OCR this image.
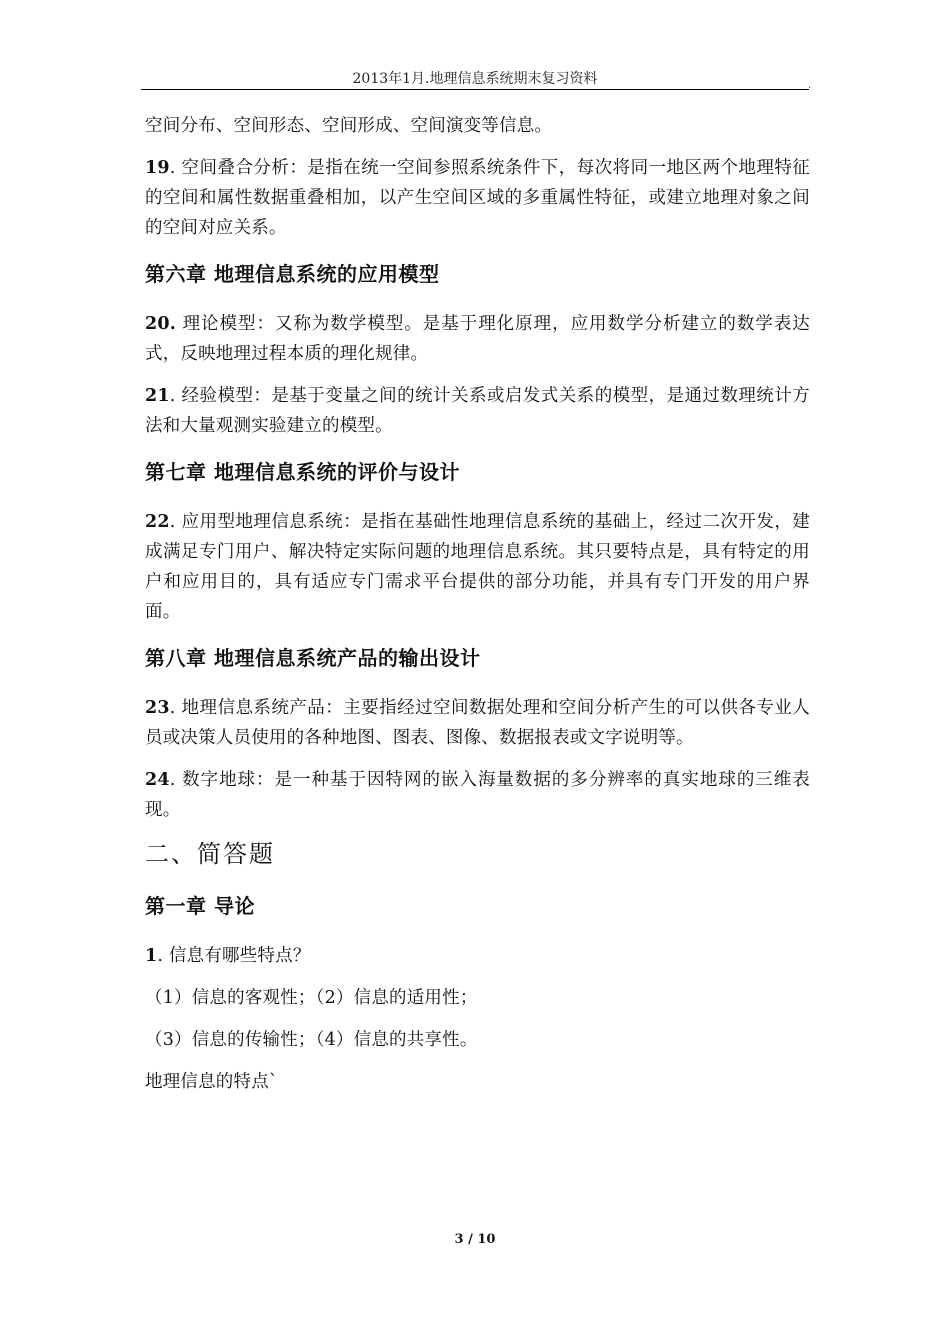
2013年1月.地理信息系统期末复习资料	.
空间分布、空间形态、空间形成、空间演变等信息。
19. 空间叠合分析：是指在统一空间参照系统条件下，每次将同一地区两个地理特征的空间和属性数据重叠相加，以产生空间区域的多重属性特征，或建立地理对象之间的空间对应关系。
第六章 地理信息系统的应用模型
20. 理论模型：又称为数学模型。是基于理化原理，应用数学分析建立的数学表达式，反映地理过程本质的理化规律。
21. 经验模型：是基于变量之间的统计关系或启发式关系的模型，是通过数理统计方法和大量观测实验建立的模型。
第七章 地理信息系统的评价与设计
22. 应用型地理信息系统：是指在基础性地理信息系统的基础上，经过二次开发，建成满足专门用户、解决特定实际问题的地理信息系统。其只要特点是，具有特定的用户和应用目的，具有适应专门需求平台提供的部分功能，并具有专门开发的用户界面。
第八章 地理信息系统产品的输出设计
23. 地理信息系统产品：主要指经过空间数据处理和空间分析产生的可以供各专业人员或决策人员使用的各种地图、图表、图像、数据报表或文字说明等。
24. 数字地球：是一种基于因特网的嵌入海量数据的多分辨率的真实地球的三维表现。
二、简答题
第一章 导论
1. 信息有哪些特点？
（1）信息的客观性；（2）信息的适用性；
（3）信息的传输性；（4）信息的共享性。
地理信息的特点`
3 / 10
